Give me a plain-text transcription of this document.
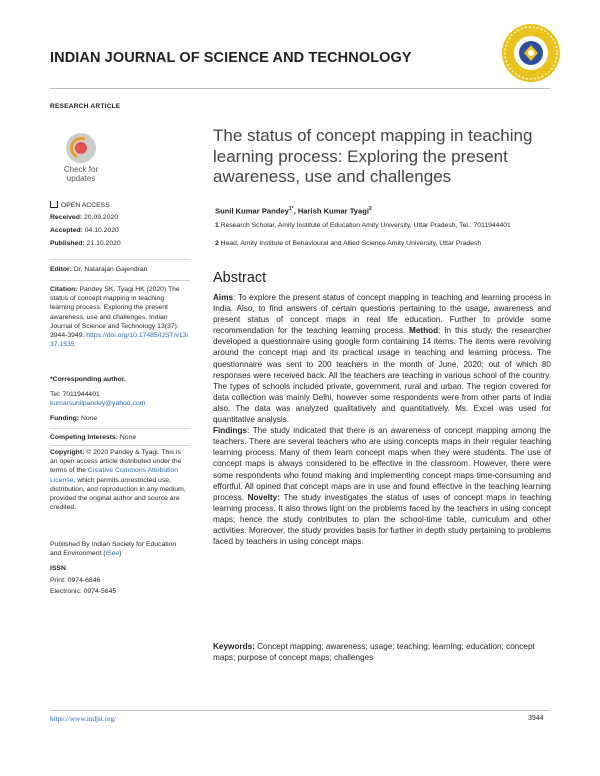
INDIAN JOURNAL OF SCIENCE AND TECHNOLOGY
RESEARCH ARTICLE
Check for
updates
The status of concept mapping in teaching learning process: Exploring the present awareness, use and challenges
Sunil Kumar Pandey$^{1*}$, Harish Kumar Tyagi$^2$
1 Research Scholar, Amity Institute of Education Amity University, Uttar Pradesh, Tel.: 7011944401
2 Head, Amity Institute of Behavioural and Allied Science Amity University, Uttar Pradesh
OPEN ACCESS
Received: 20.09.2020
Accepted: 04.10.2020
Published: 21.10.2020
Editor: Dr. Natarajan Gajendran
Citation: Pandey SK, Tyagi HK (2020) The status of concept mapping in teaching learning process: Exploring the present awareness, use and challenges. Indian Journal of Science and Technology 13(37): 3944-3949. https://doi.org/10.17485/IJST/v13i37.1535
*Corresponding author.
Tel: 7011944401
kumarsunilpandey@yahoo.com
Funding: None
Competing Interests: None
Copyright: © 2020 Pandey & Tyagi. This is an open access article distributed under the terms of the Creative Commons Attribution License, which permits unrestricted use, distribution, and reproduction in any medium, provided the original author and source are credited.
Published By Indian Society for Education and Environment (iSee)
ISSN
Print: 0974-6846
Electronic: 0974-5645
Abstract
Aims: To explore the present status of concept mapping in teaching and learning process in India. Also, to find answers of certain questions pertaining to the usage, awareness and present status of concept maps in real life education. Further to provide some recommendation for the teaching learning process. Method: In this study, the researcher developed a questionnaire using google form containing 14 items. The items were revolving around the concept map and its practical usage in teaching and learning process. The questionnaire was sent to 200 teachers in the month of June, 2020; out of which 80 responses were received back. All the teachers are teaching in various school of the country. The types of schools included private, government, rural and urban. The region covered for data collection was mainly Delhi, however some respondents were from other parts of India also. The data was analyzed qualitatively and quantitatively. Ms. Excel was used for quantitative analysis.
Findings: The study indicated that there is an awareness of concept mapping among the teachers. There are several teachers who are using concepts maps in their regular teaching learning process. Many of them learn concept maps when they were students. The use of concept maps is always considered to be effective in the classroom. However, there were some respondents who found making and implementing concept maps time-consuming and effortful. All opined that concept maps are in use and found effective in the teaching learning process. Novelty: The study investigates the status of uses of concept maps in teaching learning process. It also throws light on the problems faced by the teachers in using concept maps; hence the study contributes to plan the school-time table, curriculum and other activities. Moreover, the study provides basis for further in depth study pertaining to problems faced by teachers in using concept maps.
Keywords: Concept mapping; awareness; usage; teaching; learning; education; concept maps; purpose of concept maps; challenges
https://www.indjst.org/	3944
